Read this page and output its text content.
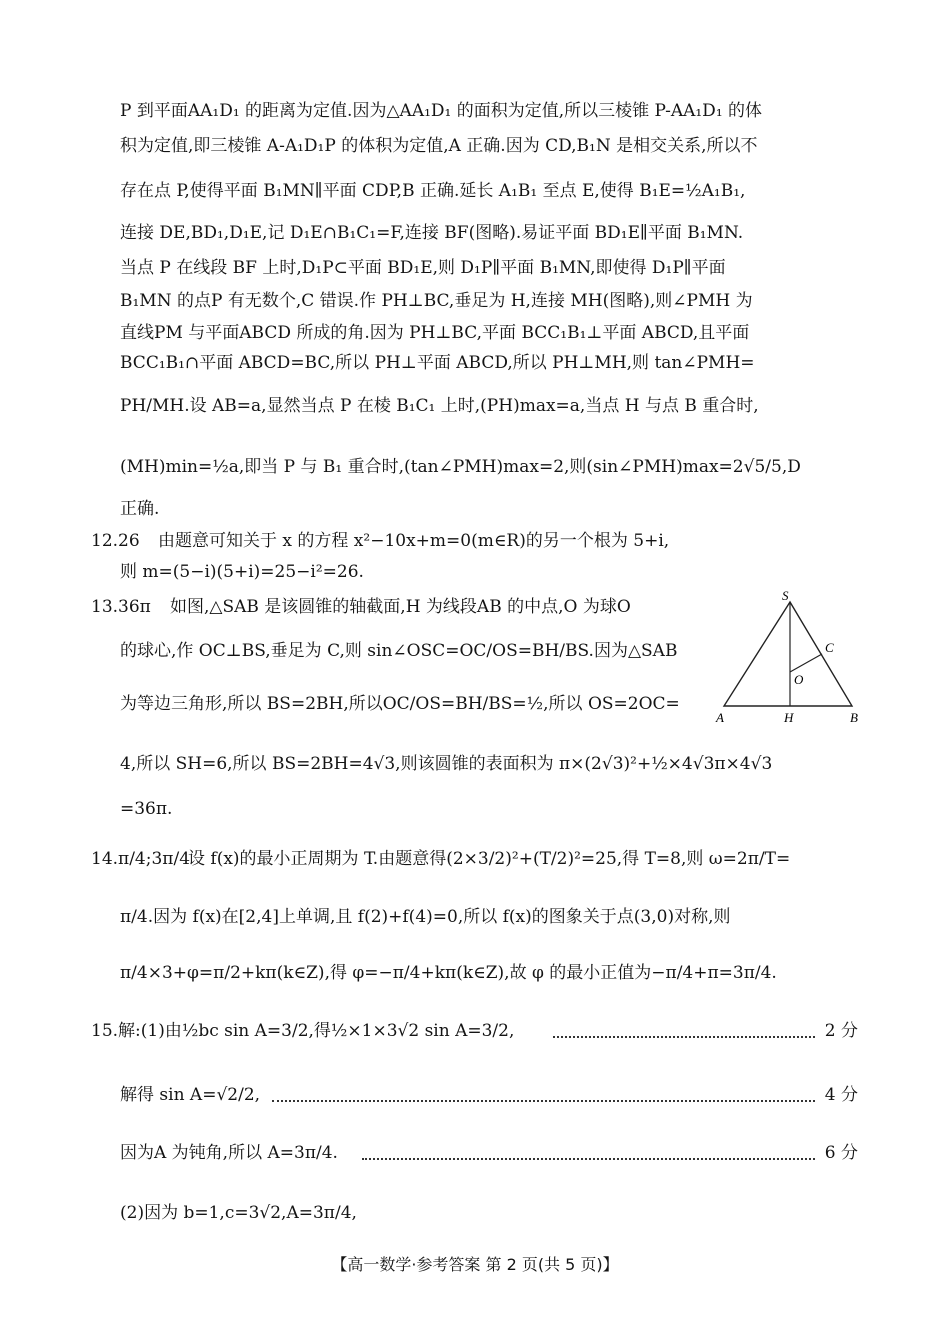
P 到平面AA₁D₁ 的距离为定值.因为△AA₁D₁ 的面积为定值,所以三棱锥 P-AA₁D₁ 的体
积为定值,即三棱锥 A-A₁D₁P 的体积为定值,A 正确.因为 CD,B₁N 是相交关系,所以不
存在点 P,使得平面 B₁MN∥平面 CDP,B 正确.延长 A₁B₁ 至点 E,使得 B₁E=½A₁B₁,
连接 DE,BD₁,D₁E,记 D₁E∩B₁C₁=F,连接 BF(图略).易证平面 BD₁E∥平面 B₁MN.
当点 P 在线段 BF 上时,D₁P⊂平面 BD₁E,则 D₁P∥平面 B₁MN,即使得 D₁P∥平面
B₁MN 的点P 有无数个,C 错误.作 PH⊥BC,垂足为 H,连接 MH(图略),则∠PMH 为
直线PM 与平面ABCD 所成的角.因为 PH⊥BC,平面 BCC₁B₁⊥平面 ABCD,且平面
BCC₁B₁∩平面 ABCD=BC,所以 PH⊥平面 ABCD,所以 PH⊥MH,则 tan∠PMH=
PH/MH.设 AB=a,显然当点 P 在棱 B₁C₁ 上时,(PH)max=a,当点 H 与点 B 重合时,
(MH)min=½a,即当 P 与 B₁ 重合时,(tan∠PMH)max=2,则(sin∠PMH)max=2√5/5,D
正确.
12.26 由题意可知关于 x 的方程 x²−10x+m=0(m∈R)的另一个根为 5+i,
则 m=(5−i)(5+i)=25−i²=26.
13.36π 如图,△SAB 是该圆锥的轴截面,H 为线段AB 的中点,O 为球O
的球心,作 OC⊥BS,垂足为 C,则 sin∠OSC=OC/OS=BH/BS.因为△SAB
为等边三角形,所以 BS=2BH,所以OC/OS=BH/BS=½,所以 OS=2OC=
4,所以 SH=6,所以 BS=2BH=4√3,则该圆锥的表面积为 π×(2√3)²+½×4√3π×4√3
=36π.
S
C
O
A	H	B
14.π/4;3π/4
设 f(x)的最小正周期为 T.由题意得(2×3/2)²+(T/2)²=25,得 T=8,则 ω=2π/T=
π/4.因为 f(x)在[2,4]上单调,且 f(2)+f(4)=0,所以 f(x)的图象关于点(3,0)对称,则
π/4×3+φ=π/2+kπ(k∈Z),得 φ=−π/4+kπ(k∈Z),故 φ 的最小正值为−π/4+π=3π/4.
15.解:(1)由½bc sin A=3/2,得½×1×3√2 sin A=3/2,	2 分
解得 sin A=√2/2,	4 分
因为A 为钝角,所以 A=3π/4.	6 分
(2)因为 b=1,c=3√2,A=3π/4,
【高一数学·参考答案 第 2 页(共 5 页)】
